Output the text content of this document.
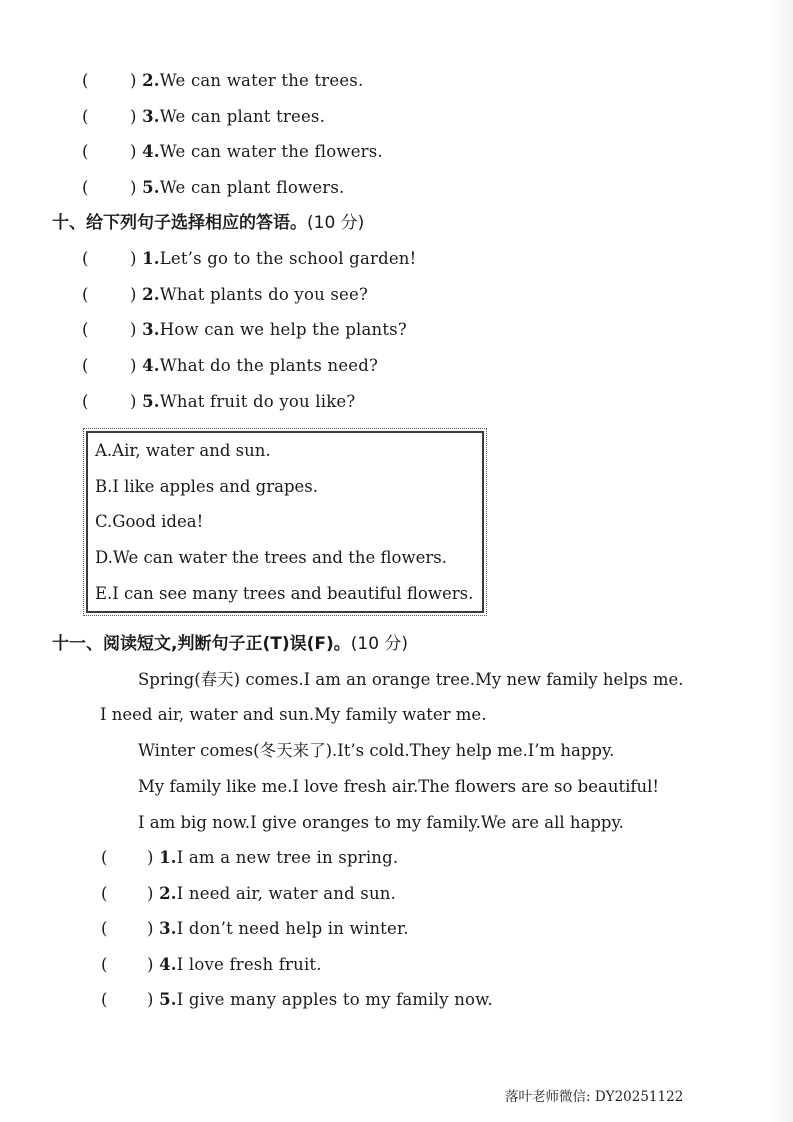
(	) 2.We can water the trees.
(	) 3.We can plant trees.
(	) 4.We can water the flowers.
(	) 5.We can plant flowers.
十、给下列句子选择相应的答语。(10 分)
(	) 1.Let’s go to the school garden!
(	) 2.What plants do you see?
(	) 3.How can we help the plants?
(	) 4.What do the plants need?
(	) 5.What fruit do you like?
A.Air, water and sun.
B.I like apples and grapes.
C.Good idea!
D.We can water the trees and the flowers.
E.I can see many trees and beautiful flowers.
十一、阅读短文,判断句子正(T)误(F)。(10 分)
Spring(春天) comes.I am an orange tree.My new family helps me.
I need air, water and sun.My family water me.
Winter comes(冬天来了).It’s cold.They help me.I’m happy.
My family like me.I love fresh air.The flowers are so beautiful!
I am big now.I give oranges to my family.We are all happy.
( ) 1.I am a new tree in spring.
( ) 2.I need air, water and sun.
( ) 3.I don’t need help in winter.
( ) 4.I love fresh fruit.
( ) 5.I give many apples to my family now.
落叶老师微信: DY20251122
